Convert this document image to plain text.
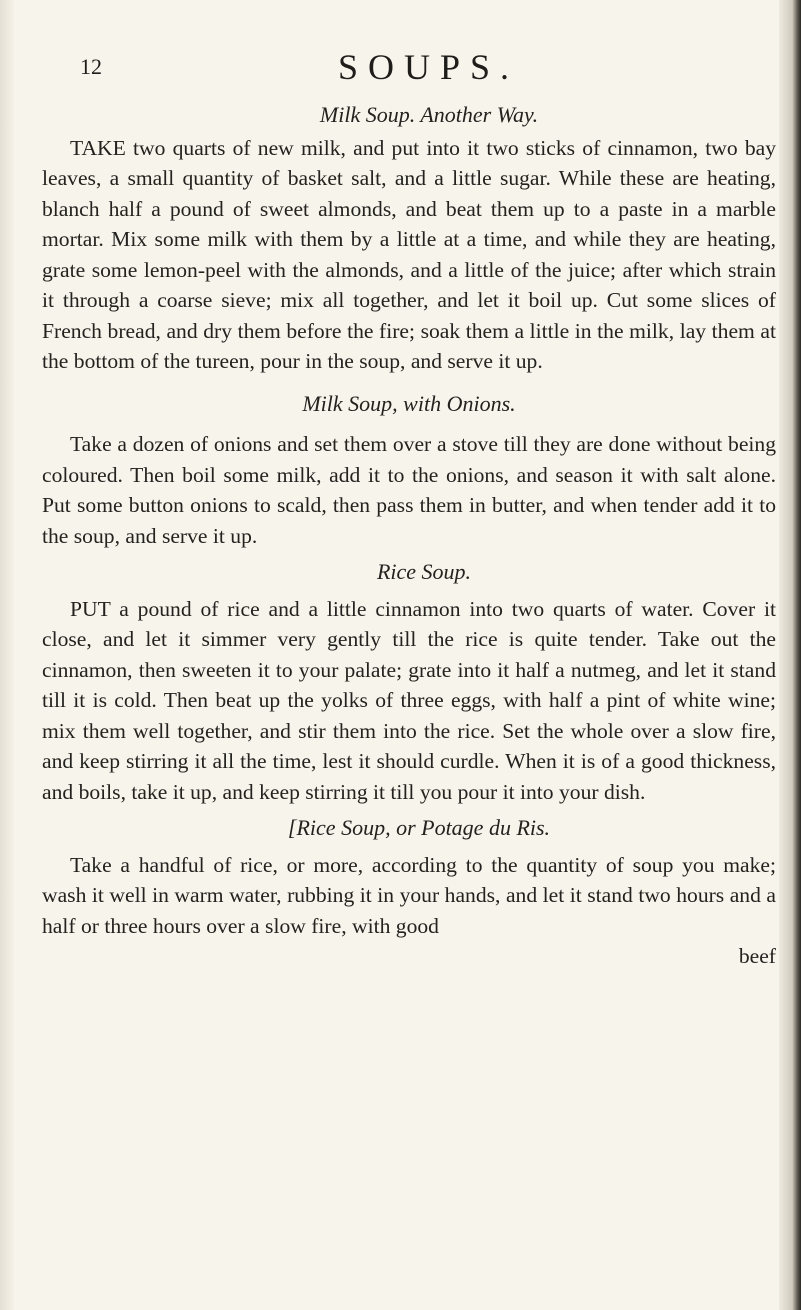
12	SOUPS.

Milk Soup. Another Way.

TAKE two quarts of new milk, and put into it two sticks of cinnamon, two bay leaves, a small quantity of basket salt, and a little sugar. While these are heating, blanch half a pound of sweet almonds, and beat them up to a paste in a marble mortar. Mix some milk with them by a little at a time, and while they are heating, grate some lemon-peel with the almonds, and a little of the juice; after which strain it through a coarse sieve; mix all together, and let it boil up. Cut some slices of French bread, and dry them before the fire; soak them a little in the milk, lay them at the bottom of the tureen, pour in the soup, and serve it up.

Milk Soup, with Onions.

Take a dozen of onions and set them over a stove till they are done without being coloured. Then boil some milk, add it to the onions, and season it with salt alone. Put some button onions to scald, then pass them in butter, and when tender add it to the soup, and serve it up.

Rice Soup.

PUT a pound of rice and a little cinnamon into two quarts of water. Cover it close, and let it simmer very gently till the rice is quite tender. Take out the cinnamon, then sweeten it to your palate; grate into it half a nutmeg, and let it stand till it is cold. Then beat up the yolks of three eggs, with half a pint of white wine; mix them well together, and stir them into the rice. Set the whole over a slow fire, and keep stirring it all the time, lest it should curdle. When it is of a good thickness, and boils, take it up, and keep stirring it till you pour it into your dish.

[Rice Soup, or Potage du Ris.

Take a handful of rice, or more, according to the quantity of soup you make; wash it well in warm water, rubbing it in your hands, and let it stand two hours and a half or three hours over a slow fire, with good

beef
